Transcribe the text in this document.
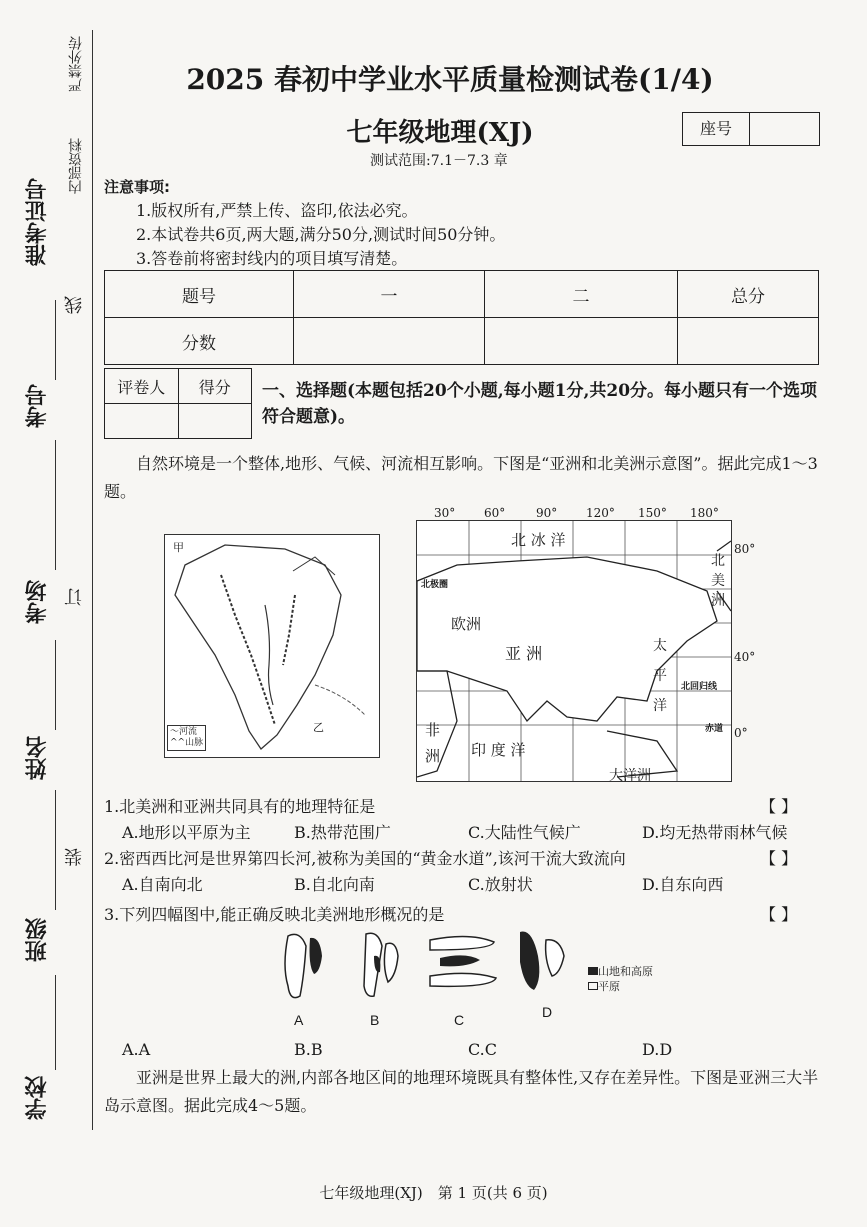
严禁外传
内部资料
准考证号
考号
考场
姓名
班级
学校
线
订
装
2025 春初中学业水平质量检测试卷(1/4)
七年级地理(XJ)	座号
测试范围:7.1－7.3 章
注意事项:
1.版权所有,严禁上传、盗印,依法必究。
2.本试卷共6页,两大题,满分50分,测试时间50分钟。
3.答卷前将密封线内的项目填写清楚。
题号	一	二	总分
分数			
评卷人	得分
	一、选择题(本题包括20个小题,每小题1分,共20分。每小题只有一个选项符合题意)。
自然环境是一个整体,地形、气候、河流相互影响。下图是“亚洲和北美洲示意图”。据此完成1～3题。
甲
乙
～河流
^^山脉
北 冰 洋
北极圈
欧洲
亚 洲	太 平 洋
北回归线
赤道
非 洲 印 度 洋
大洋洲
北 美 洲
30° 60°	90° 120° 150° 180°
80°
40°
0°
1.北美洲和亚洲共同具有的地理特征是	【 】
A.地形以平原为主	B.热带范围广	C.大陆性气候广	D.均无热带雨林气候
2.密西西比河是世界第四长河,被称为美国的“黄金水道”,该河干流大致流向	【 】
A.自南向北	B.自北向南	C.放射状	D.自东向西
3.下列四幅图中,能正确反映北美洲地形概况的是	【 】
A	B	C	D
山地和高原
平原
A.A	B.B	C.C	D.D
亚洲是世界上最大的洲,内部各地区间的地理环境既具有整体性,又存在差异性。下图是亚洲三大半岛示意图。据此完成4～5题。
七年级地理(XJ)　第 1 页(共 6 页)
